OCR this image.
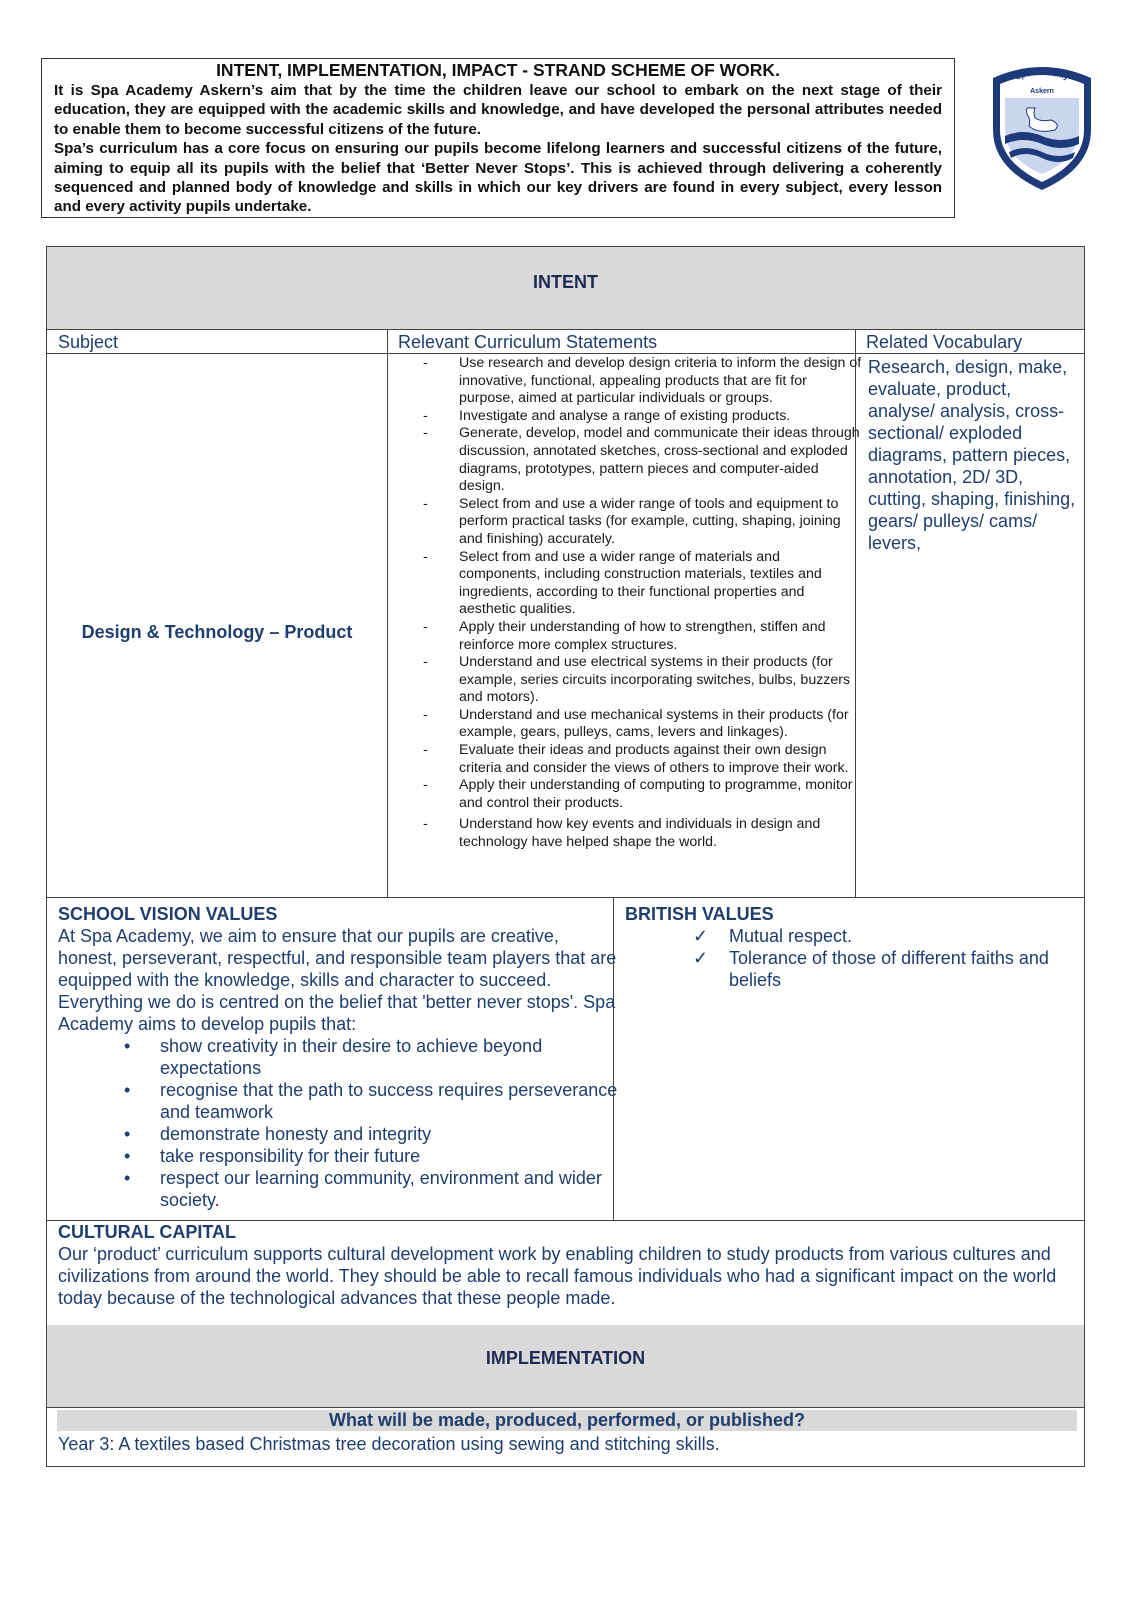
INTENT, IMPLEMENTATION, IMPACT - STRAND SCHEME OF WORK.

It is Spa Academy Askern’s aim that by the time the children leave our school to embark on the next stage of their education, they are equipped with the academic skills and knowledge, and have developed the personal attributes needed to enable them to become successful citizens of the future.

Spa’s curriculum has a core focus on ensuring our pupils become lifelong learners and successful citizens of the future, aiming to equip all its pupils with the belief that ‘Better Never Stops’. This is achieved through delivering a coherently sequenced and planned body of knowledge and skills in which our key drivers are found in every subject, every lesson and every activity pupils undertake.

Spa Academy
Askern
INTENT
Subject	Relevant Curriculum Statements	Related Vocabulary
Design & Technology – Product
- Use research and develop design criteria to inform the design of innovative, functional, appealing products that are fit for purpose, aimed at particular individuals or groups.
- Investigate and analyse a range of existing products.
- Generate, develop, model and communicate their ideas through discussion, annotated sketches, cross-sectional and exploded diagrams, prototypes, pattern pieces and computer-aided design.
- Select from and use a wider range of tools and equipment to perform practical tasks (for example, cutting, shaping, joining and finishing) accurately.
- Select from and use a wider range of materials and components, including construction materials, textiles and ingredients, according to their functional properties and aesthetic qualities.
- Apply their understanding of how to strengthen, stiffen and reinforce more complex structures.
- Understand and use electrical systems in their products (for example, series circuits incorporating switches, bulbs, buzzers and motors).
- Understand and use mechanical systems in their products (for example, gears, pulleys, cams, levers and linkages).
- Evaluate their ideas and products against their own design criteria and consider the views of others to improve their work.
- Apply their understanding of computing to programme, monitor and control their products.
- Understand how key events and individuals in design and technology have helped shape the world.
Research, design, make, evaluate, product, analyse/ analysis, cross-sectional/ exploded diagrams, pattern pieces, annotation, 2D/ 3D, cutting, shaping, finishing, gears/ pulleys/ cams/ levers,
SCHOOL VISION VALUES
At Spa Academy, we aim to ensure that our pupils are creative, honest, perseverant, respectful, and responsible team players that are equipped with the knowledge, skills and character to succeed.
Everything we do is centred on the belief that 'better never stops'. Spa Academy aims to develop pupils that:
• show creativity in their desire to achieve beyond expectations
• recognise that the path to success requires perseverance and teamwork
• demonstrate honesty and integrity
• take responsibility for their future
• respect our learning community, environment and wider society.
BRITISH VALUES
✓ Mutual respect.
✓ Tolerance of those of different faiths and beliefs
CULTURAL CAPITAL
Our ‘product’ curriculum supports cultural development work by enabling children to study products from various cultures and civilizations from around the world. They should be able to recall famous individuals who had a significant impact on the world today because of the technological advances that these people made.
IMPLEMENTATION
What will be made, produced, performed, or published?
Year 3: A textiles based Christmas tree decoration using sewing and stitching skills.
